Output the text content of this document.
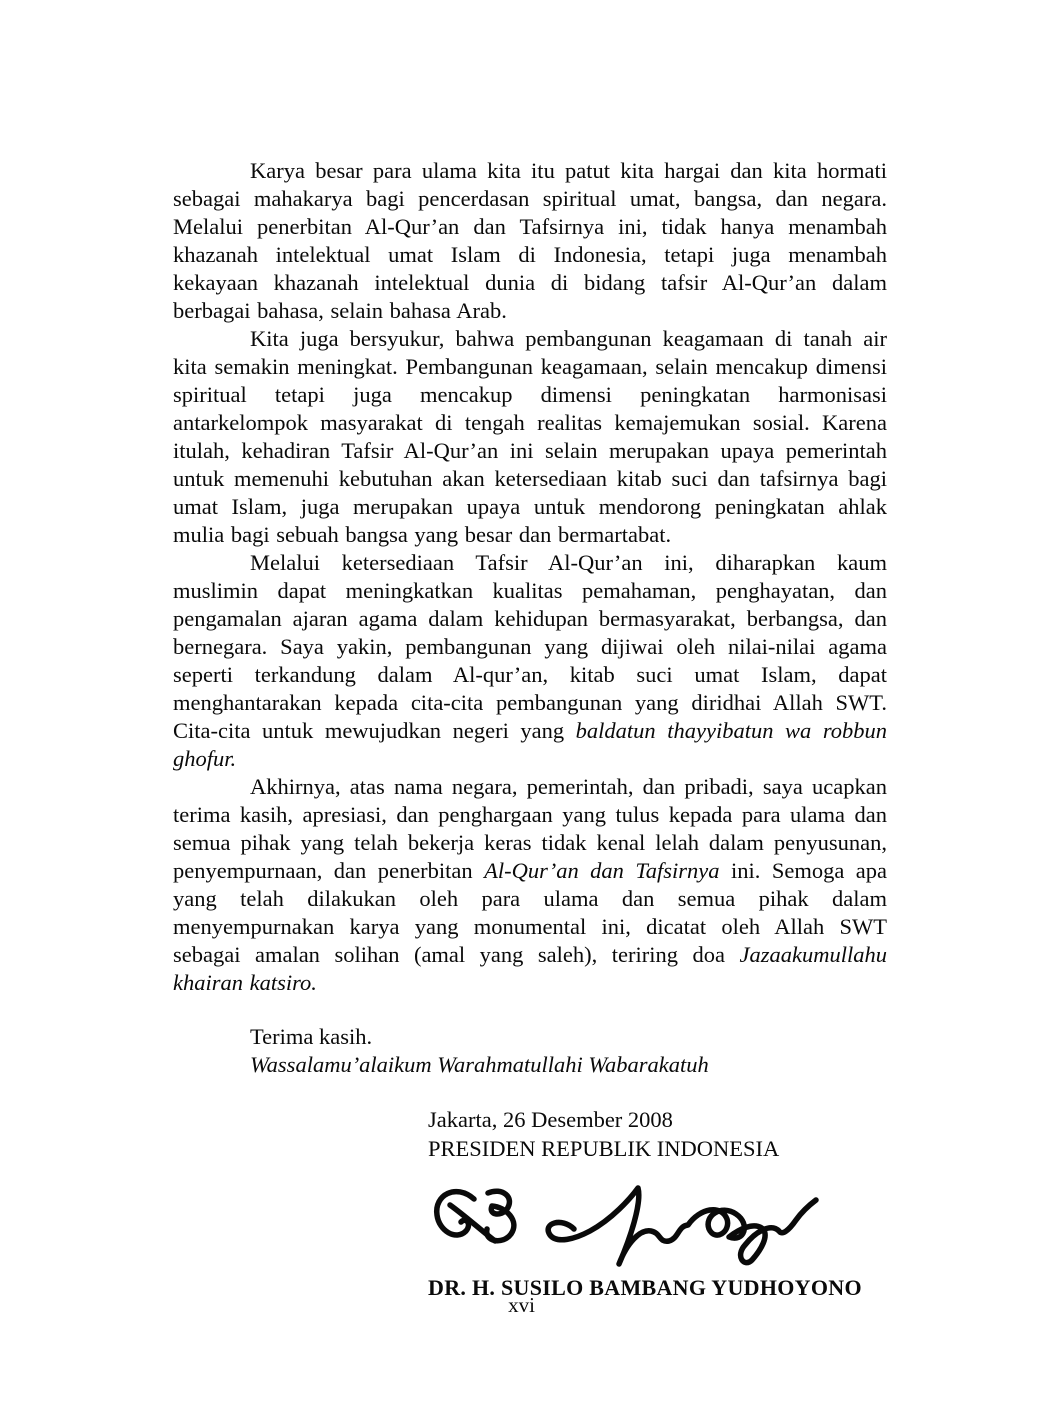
Karya besar para ulama kita itu patut kita hargai dan kita hormati sebagai mahakarya bagi pencerdasan spiritual umat, bangsa, dan negara. Melalui penerbitan Al-Qur’an dan Tafsirnya ini, tidak hanya menambah khazanah intelektual umat Islam di Indonesia, tetapi juga menambah kekayaan khazanah intelektual dunia di bidang tafsir Al-Qur’an dalam berbagai bahasa, selain bahasa Arab.

Kita juga bersyukur, bahwa pembangunan keagamaan di tanah air kita semakin meningkat. Pembangunan keagamaan, selain mencakup dimensi spiritual tetapi juga mencakup dimensi peningkatan harmonisasi antarkelompok masyarakat di tengah realitas kemajemukan sosial. Karena itulah, kehadiran Tafsir Al-Qur’an ini selain merupakan upaya pemerintah untuk memenuhi kebutuhan akan ketersediaan kitab suci dan tafsirnya bagi umat Islam, juga merupakan upaya untuk mendorong peningkatan ahlak mulia bagi sebuah bangsa yang besar dan bermartabat.

Melalui ketersediaan Tafsir Al-Qur’an ini, diharapkan kaum muslimin dapat meningkatkan kualitas pemahaman, penghayatan, dan pengamalan ajaran agama dalam kehidupan bermasyarakat, berbangsa, dan bernegara. Saya yakin, pembangunan yang dijiwai oleh nilai-nilai agama seperti terkandung dalam Al-qur’an, kitab suci umat Islam, dapat menghantarakan kepada cita-cita pembangunan yang diridhai Allah SWT. Cita-cita untuk mewujudkan negeri yang baldatun thayyibatun wa robbun ghofur.

Akhirnya, atas nama negara, pemerintah, dan pribadi, saya ucapkan terima kasih, apresiasi, dan penghargaan yang tulus kepada para ulama dan semua pihak yang telah bekerja keras tidak kenal lelah dalam penyusunan, penyempurnaan, dan penerbitan Al-Qur’an dan Tafsirnya ini. Semoga apa yang telah dilakukan oleh para ulama dan semua pihak dalam menyempurnakan karya yang monumental ini, dicatat oleh Allah SWT sebagai amalan solihan (amal yang saleh), teriring doa Jazaakumullahu khairan katsiro.

Terima kasih.

Wassalamu’alaikum Warahmatullahi Wabarakatuh

Jakarta, 26 Desember 2008

PRESIDEN REPUBLIK INDONESIA

DR. H. SUSILO BAMBANG YUDHOYONO

xvi
